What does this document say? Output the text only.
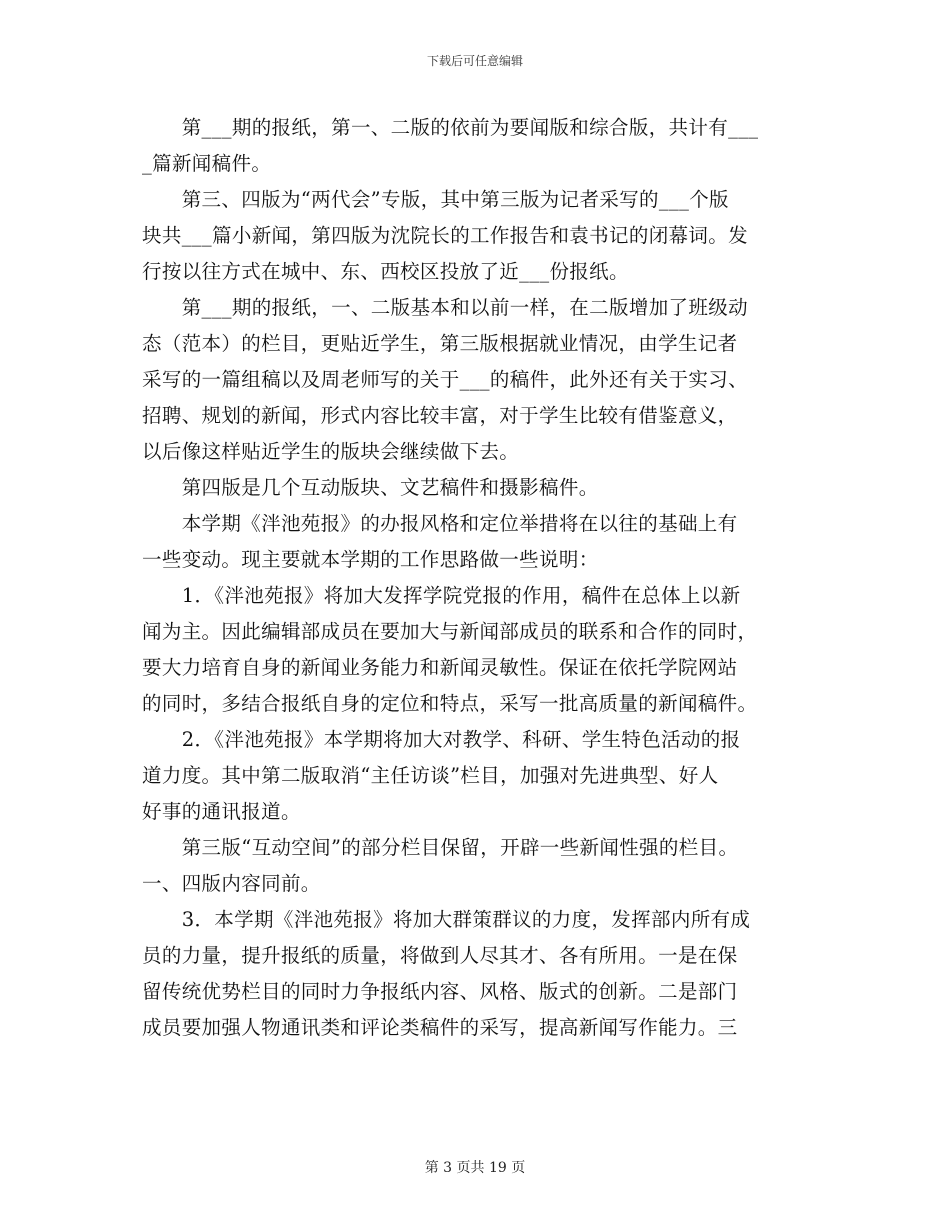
下载后可任意编辑
　　第___期的报纸，第一、二版的依前为要闻版和综合版，共计有___
_篇新闻稿件。
　　第三、四版为“两代会”专版，其中第三版为记者采写的___个版
块共___篇小新闻，第四版为沈院长的工作报告和袁书记的闭幕词。发
行按以往方式在城中、东、西校区投放了近___份报纸。
　　第___期的报纸，一、二版基本和以前一样，在二版增加了班级动
态（范本）的栏目，更贴近学生，第三版根据就业情况，由学生记者
采写的一篇组稿以及周老师写的关于___的稿件，此外还有关于实习、
招聘、规划的新闻，形式内容比较丰富，对于学生比较有借鉴意义，
以后像这样贴近学生的版块会继续做下去。
　　第四版是几个互动版块、文艺稿件和摄影稿件。
　　本学期《泮池苑报》的办报风格和定位举措将在以往的基础上有
一些变动。现主要就本学期的工作思路做一些说明：
　　1．《泮池苑报》将加大发挥学院党报的作用，稿件在总体上以新
闻为主。因此编辑部成员在要加大与新闻部成员的联系和合作的同时，
要大力培育自身的新闻业务能力和新闻灵敏性。保证在依托学院网站
的同时，多结合报纸自身的定位和特点，采写一批高质量的新闻稿件。
　　2．《泮池苑报》本学期将加大对教学、科研、学生特色活动的报
道力度。其中第二版取消“主任访谈”栏目，加强对先进典型、好人
好事的通讯报道。
　　第三版“互动空间”的部分栏目保留，开辟一些新闻性强的栏目。
一、四版内容同前。
　　3．本学期《泮池苑报》将加大群策群议的力度，发挥部内所有成
员的力量，提升报纸的质量，将做到人尽其才、各有所用。一是在保
留传统优势栏目的同时力争报纸内容、风格、版式的创新。二是部门
成员要加强人物通讯类和评论类稿件的采写，提高新闻写作能力。三
第 3 页共 19 页
